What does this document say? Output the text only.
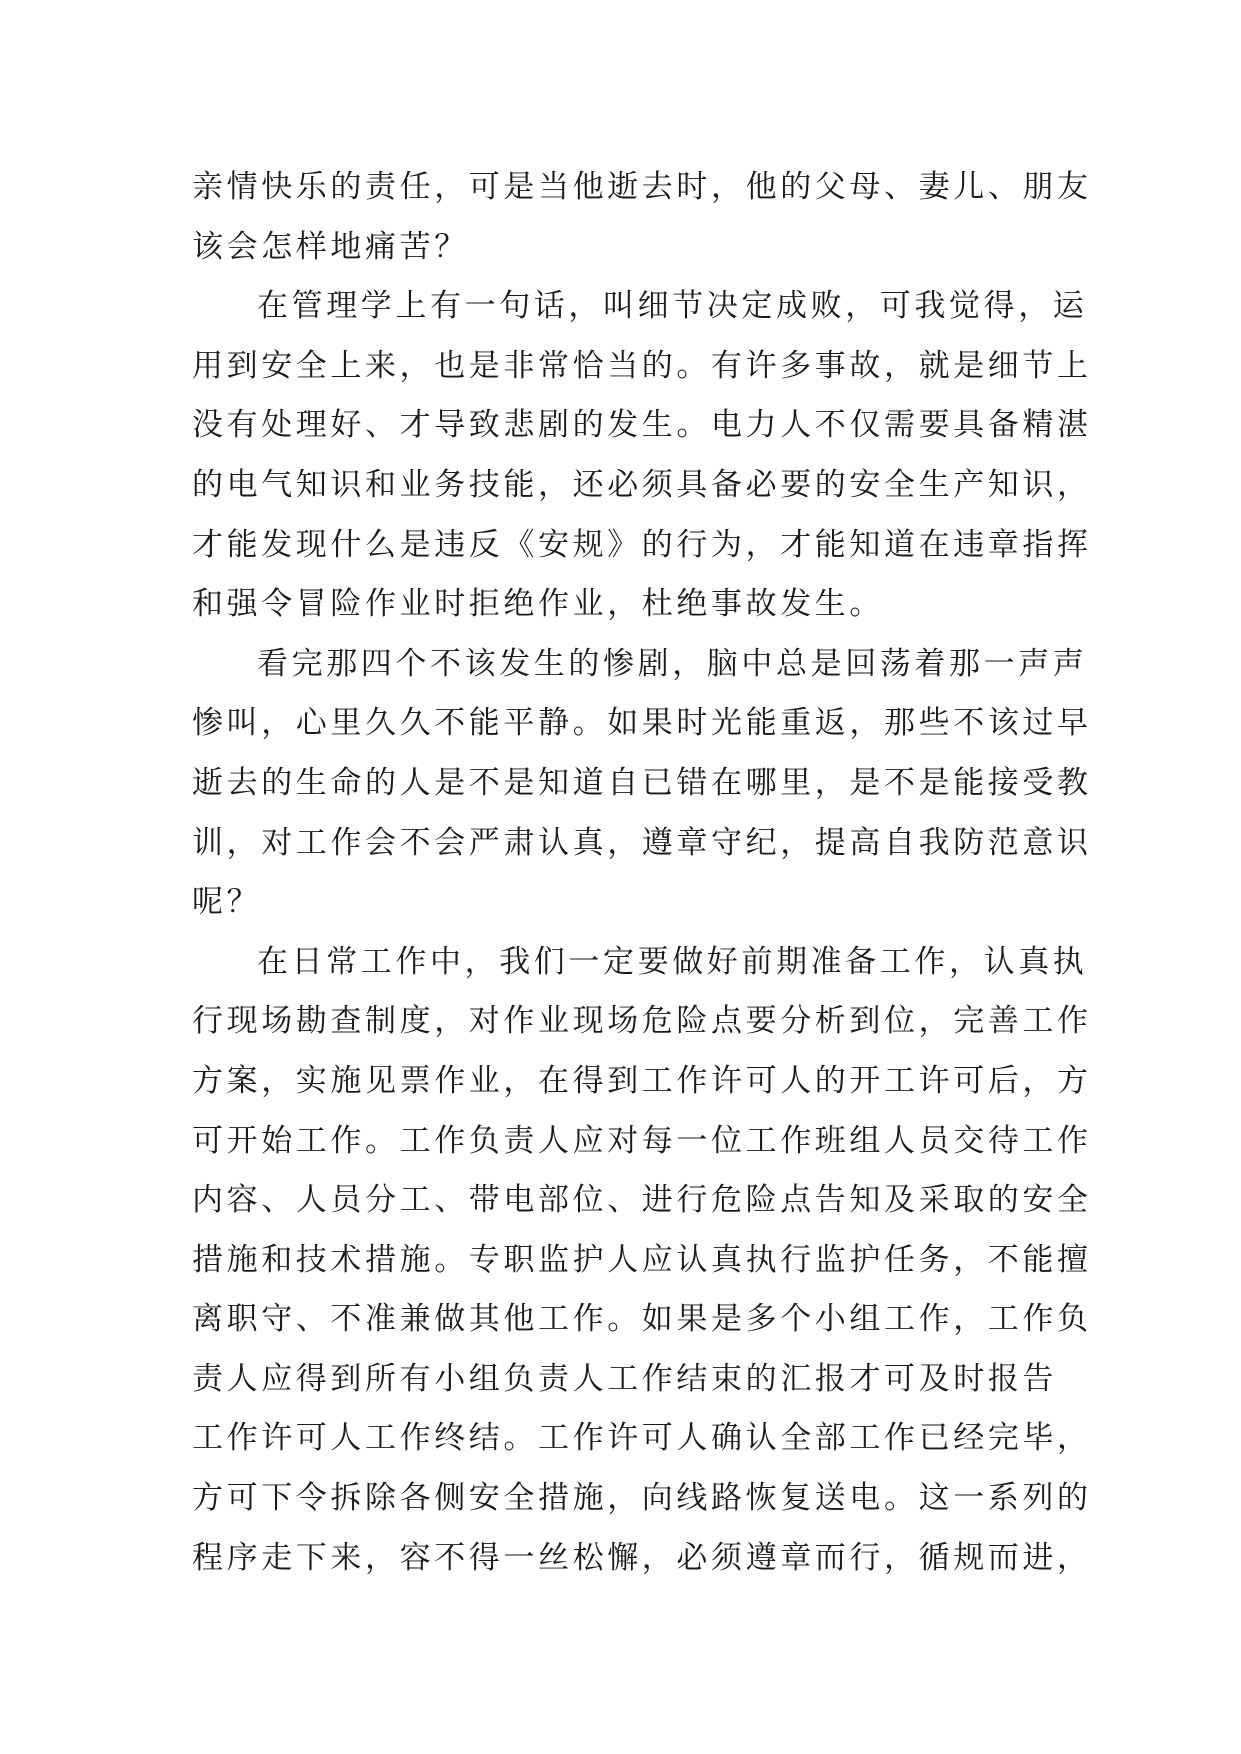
亲情快乐的责任，可是当他逝去时，他的父母、妻儿、朋友
该会怎样地痛苦？
在管理学上有一句话，叫细节决定成败，可我觉得，运
用到安全上来，也是非常恰当的。有许多事故，就是细节上
没有处理好、才导致悲剧的发生。电力人不仅需要具备精湛
的电气知识和业务技能，还必须具备必要的安全生产知识，
才能发现什么是违反《安规》的行为，才能知道在违章指挥
和强令冒险作业时拒绝作业，杜绝事故发生。
看完那四个不该发生的惨剧，脑中总是回荡着那一声声
惨叫，心里久久不能平静。如果时光能重返，那些不该过早
逝去的生命的人是不是知道自已错在哪里，是不是能接受教
训，对工作会不会严肃认真，遵章守纪，提高自我防范意识
呢？
在日常工作中，我们一定要做好前期准备工作，认真执
行现场勘查制度，对作业现场危险点要分析到位，完善工作
方案，实施见票作业，在得到工作许可人的开工许可后，方
可开始工作。工作负责人应对每一位工作班组人员交待工作
内容、人员分工、带电部位、进行危险点告知及采取的安全
措施和技术措施。专职监护人应认真执行监护任务，不能擅
离职守、不准兼做其他工作。如果是多个小组工作，工作负
责人应得到所有小组负责人工作结束的汇报才可及时报告
工作许可人工作终结。工作许可人确认全部工作已经完毕，
方可下令拆除各侧安全措施，向线路恢复送电。这一系列的
程序走下来，容不得一丝松懈，必须遵章而行，循规而进，
